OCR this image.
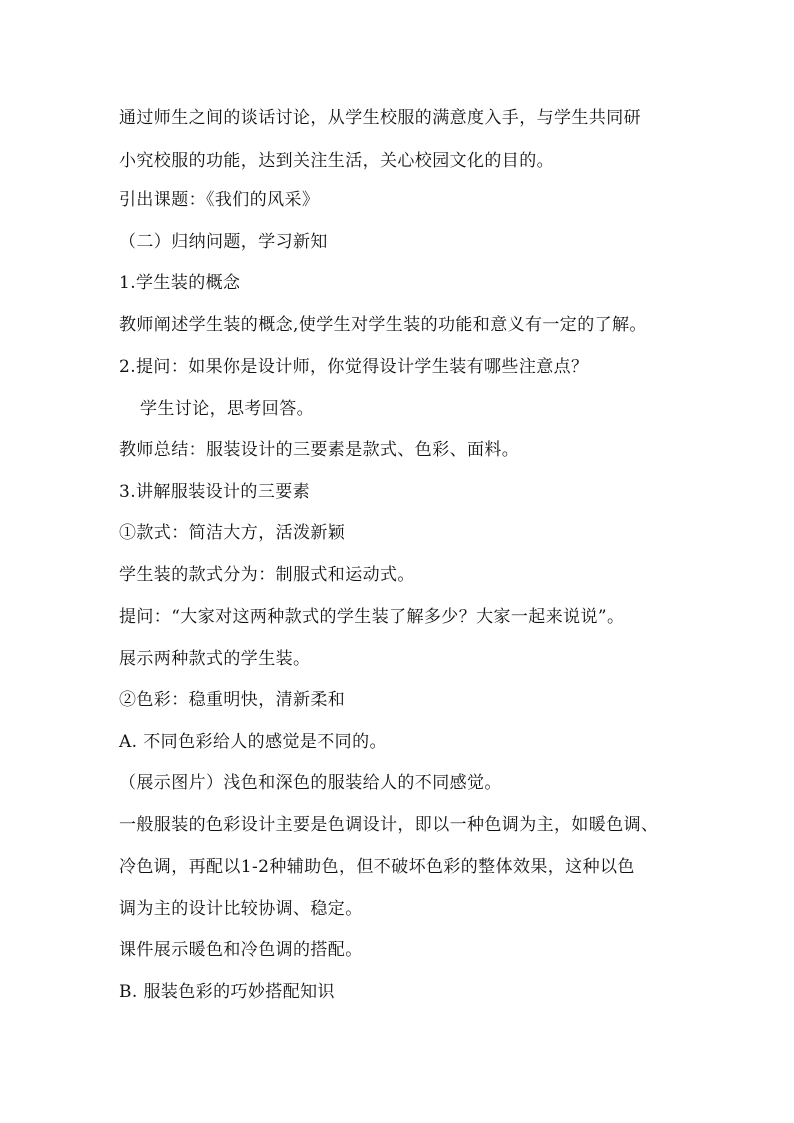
通过师生之间的谈话讨论，从学生校服的满意度入手，与学生共同研
小究校服的功能，达到关注生活，关心校园文化的目的。
引出课题：《我们的风采》
（二）归纳问题，学习新知
1.学生装的概念
教师阐述学生装的概念,使学生对学生装的功能和意义有一定的了解。
2.提问：如果你是设计师，你觉得设计学生装有哪些注意点？
学生讨论，思考回答。
教师总结：服装设计的三要素是款式、色彩、面料。
3.讲解服装设计的三要素
①款式：简洁大方，活泼新颖
学生装的款式分为：制服式和运动式。
提问：“大家对这两种款式的学生装了解多少？大家一起来说说”。
展示两种款式的学生装。
②色彩：稳重明快，清新柔和
A. 不同色彩给人的感觉是不同的。
（展示图片）浅色和深色的服装给人的不同感觉。
一般服装的色彩设计主要是色调设计，即以一种色调为主，如暖色调、
冷色调，再配以1-2种辅助色，但不破坏色彩的整体效果，这种以色
调为主的设计比较协调、稳定。
课件展示暖色和冷色调的搭配。
B. 服装色彩的巧妙搭配知识
